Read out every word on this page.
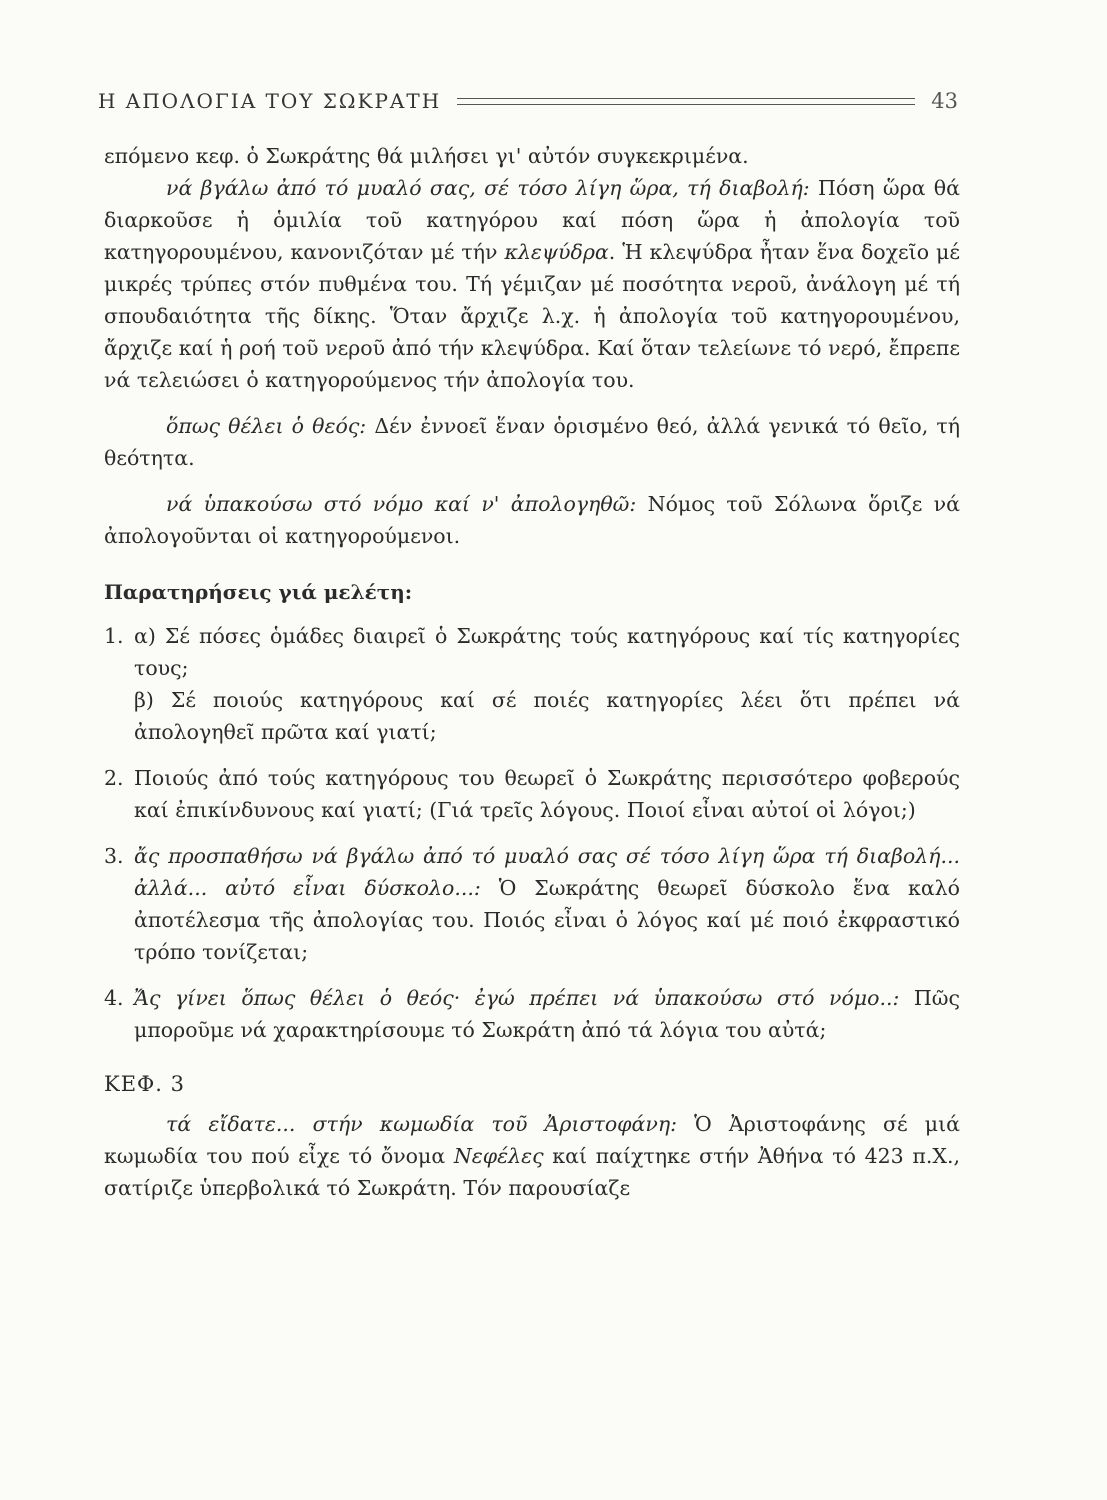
Η ΑΠΟΛΟΓΙΑ ΤΟΥ ΣΩΚΡΑΤΗ	43

επόμενο κεφ. ὁ Σωκράτης θά μιλήσει γι' αὐτόν συγκεκριμένα.

νά βγάλω ἀπό τό μυαλό σας, σέ τόσο λίγη ὥρα, τή διαβολή: Πόση ὥρα θά διαρκοῦσε ἡ ὁμιλία τοῦ κατηγόρου καί πόση ὥρα ἡ ἀπολογία τοῦ κατηγορουμένου, κανονιζόταν μέ τήν κλεψύδρα. Ἡ κλεψύδρα ἦταν ἕνα δοχεῖο μέ μικρές τρύπες στόν πυθμένα του. Τή γέμιζαν μέ ποσότητα νεροῦ, ἀνάλογη μέ τή σπουδαιότητα τῆς δίκης. Ὅταν ἄρχιζε λ.χ. ἡ ἀπολογία τοῦ κατηγορουμένου, ἄρχιζε καί ἡ ροή τοῦ νεροῦ ἀπό τήν κλεψύδρα. Καί ὅταν τελείωνε τό νερό, ἔπρεπε νά τελειώσει ὁ κατηγορούμενος τήν ἀπολογία του.

ὅπως θέλει ὁ θεός: Δέν ἐννοεῖ ἕναν ὁρισμένο θεό, ἀλλά γενικά τό θεῖο, τή θεότητα.

νά ὑπακούσω στό νόμο καί ν' ἀπολογηθῶ: Νόμος τοῦ Σόλωνα ὅριζε νά ἀπολογοῦνται οἱ κατηγορούμενοι.

Παρατηρήσεις γιά μελέτη:

1. α) Σέ πόσες ὁμάδες διαιρεῖ ὁ Σωκράτης τούς κατηγόρους καί τίς κατηγορίες τους;
β) Σέ ποιούς κατηγόρους καί σέ ποιές κατηγορίες λέει ὅτι πρέπει νά ἀπολογηθεῖ πρῶτα καί γιατί;
2. Ποιούς ἀπό τούς κατηγόρους του θεωρεῖ ὁ Σωκράτης περισσότερο φοβερούς καί ἐπικίνδυνους καί γιατί; (Γιά τρεῖς λόγους. Ποιοί εἶναι αὐτοί οἱ λόγοι;)
3. ἄς προσπαθήσω νά βγάλω ἀπό τό μυαλό σας σέ τόσο λίγη ὥρα τή διαβολή... ἀλλά... αὐτό εἶναι δύσκολο...: Ὁ Σωκράτης θεωρεῖ δύσκολο ἕνα καλό ἀποτέλεσμα τῆς ἀπολογίας του. Ποιός εἶναι ὁ λόγος καί μέ ποιό ἐκφραστικό τρόπο τονίζεται;
4. Ἄς γίνει ὅπως θέλει ὁ θεός· ἐγώ πρέπει νά ὑπακούσω στό νόμο..: Πῶς μποροῦμε νά χαρακτηρίσουμε τό Σωκράτη ἀπό τά λόγια του αὐτά;

ΚΕΦ. 3

τά εἴδατε... στήν κωμωδία τοῦ Ἀριστοφάνη: Ὁ Ἀριστοφάνης σέ μιά κωμωδία του πού εἶχε τό ὄνομα Νεφέλες καί παίχτηκε στήν Ἀθήνα τό 423 π.Χ., σατίριζε ὑπερβολικά τό Σωκράτη. Τόν παρουσίαζε
